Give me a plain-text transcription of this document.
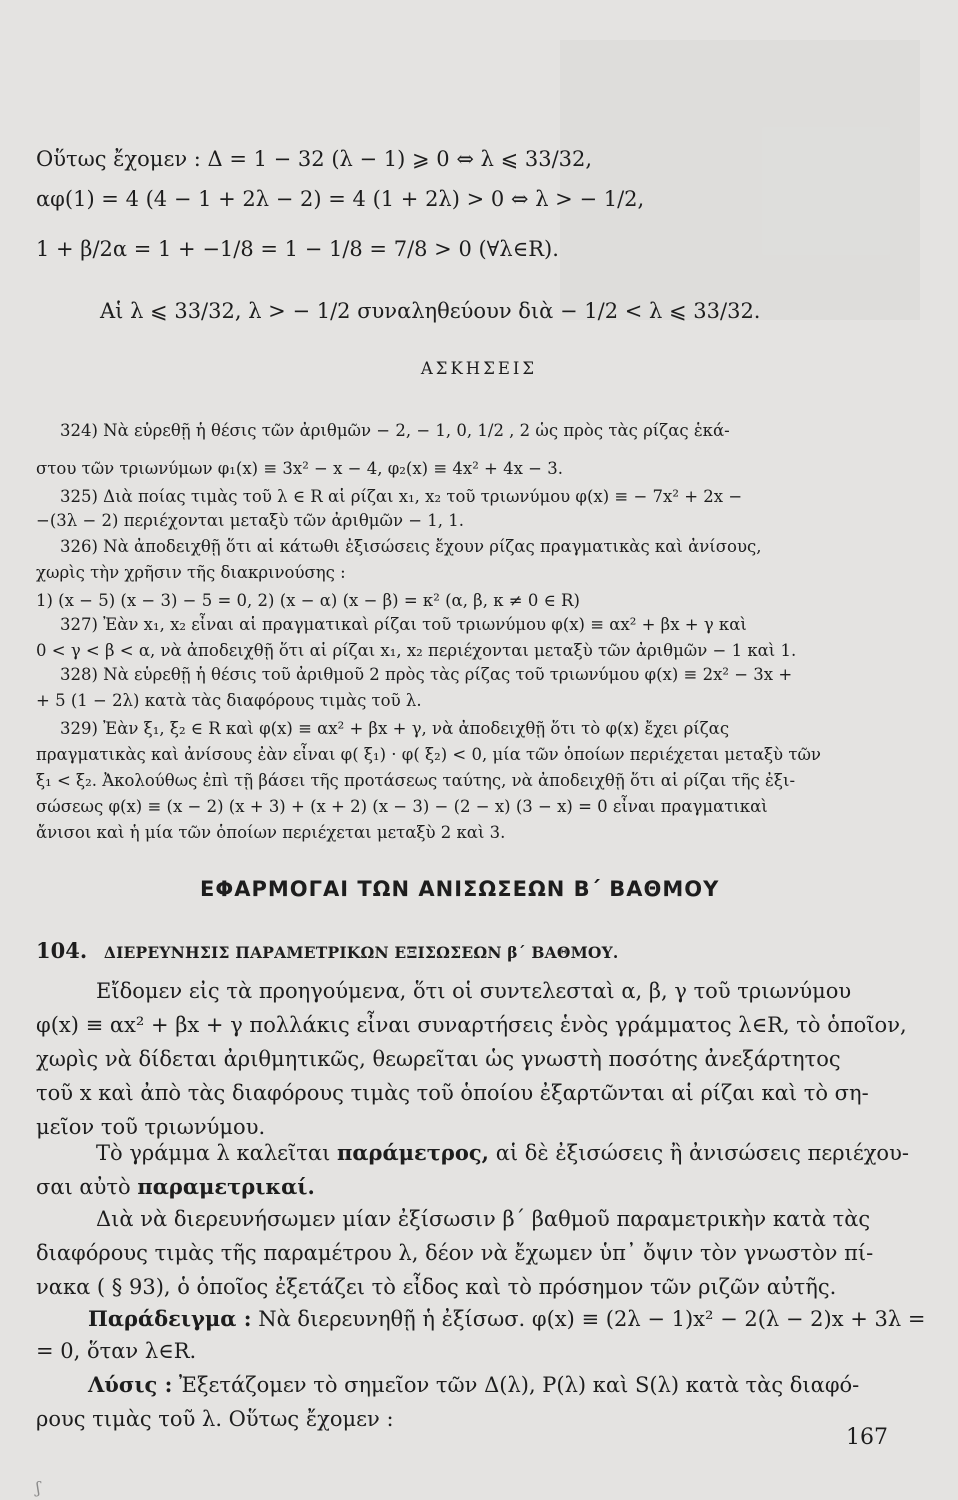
Οὕτως ἔχομεν : Δ = 1 − 32 (λ − 1) ⩾ 0 ⇔ λ ⩽ 33/32,
αφ(1) = 4 (4 − 1 + 2λ − 2) = 4 (1 + 2λ) > 0 ⇔ λ > − 1/2,
1 + β/2α = 1 + −1/8 = 1 − 1/8 = 7/8 > 0 (∀λ∈R).
Αἱ λ ⩽ 33/32, λ > − 1/2 συναληθεύουν διὰ − 1/2 < λ ⩽ 33/32.
ΑΣΚΗΣΕΙΣ
324) Νὰ εὑρεθῇ ἡ θέσις τῶν ἀριθμῶν − 2, − 1, 0, 1/2 , 2 ὡς πρὸς τὰς ρίζας ἑκά-
στου τῶν τριωνύμων φ₁(x) ≡ 3x² − x − 4, φ₂(x) ≡ 4x² + 4x − 3.
325) Διὰ ποίας τιμὰς τοῦ λ ∈ R αἱ ρίζαι x₁, x₂ τοῦ τριωνύμου φ(x) ≡ − 7x² + 2x −
−(3λ − 2) περιέχονται μεταξὺ τῶν ἀριθμῶν − 1, 1.
326) Νὰ ἀποδειχθῇ ὅτι αἱ κάτωθι ἐξισώσεις ἔχουν ρίζας πραγματικὰς καὶ ἀνίσους,
χωρὶς τὴν χρῆσιν τῆς διακρινούσης :
1) (x − 5) (x − 3) − 5 = 0, 2) (x − α) (x − β) = κ² (α, β, κ ≠ 0 ∈ R)
327) Ἐὰν x₁, x₂ εἶναι αἱ πραγματικαὶ ρίζαι τοῦ τριωνύμου φ(x) ≡ αx² + βx + γ καὶ
0 < γ < β < α, νὰ ἀποδειχθῇ ὅτι αἱ ρίζαι x₁, x₂ περιέχονται μεταξὺ τῶν ἀριθμῶν − 1 καὶ 1.
328) Νὰ εὑρεθῇ ἡ θέσις τοῦ ἀριθμοῦ 2 πρὸς τὰς ρίζας τοῦ τριωνύμου φ(x) ≡ 2x² − 3x +
+ 5 (1 − 2λ) κατὰ τὰς διαφόρους τιμὰς τοῦ λ.
329) Ἐὰν ξ₁, ξ₂ ∈ R καὶ φ(x) ≡ αx² + βx + γ, νὰ ἀποδειχθῇ ὅτι τὸ φ(x) ἔχει ρίζας
πραγματικὰς καὶ ἀνίσους ἐὰν εἶναι φ( ξ₁) · φ( ξ₂) < 0, μία τῶν ὁποίων περιέχεται μεταξὺ τῶν
ξ₁ < ξ₂. Ἀκολούθως ἐπὶ τῇ βάσει τῆς προτάσεως ταύτης, νὰ ἀποδειχθῇ ὅτι αἱ ρίζαι τῆς ἐξι-
σώσεως φ(x) ≡ (x − 2) (x + 3) + (x + 2) (x − 3) − (2 − x) (3 − x) = 0 εἶναι πραγματικαὶ
ἄνισοι καὶ ἡ μία τῶν ὁποίων περιέχεται μεταξὺ 2 καὶ 3.
ΕΦΑΡΜΟΓΑΙ ΤΩΝ ΑΝΙΣΩΣΕΩΝ Β΄ ΒΑΘΜΟΥ
104. ΔΙΕΡΕΥΝΗΣΙΣ ΠΑΡΑΜΕΤΡΙΚΩΝ ΕΞΙΣΩΣΕΩΝ β΄ ΒΑΘΜΟΥ.
Εἴδομεν εἰς τὰ προηγούμενα, ὅτι οἱ συντελεσταὶ α, β, γ τοῦ τριωνύμου
φ(x) ≡ αx² + βx + γ πολλάκις εἶναι συναρτήσεις ἑνὸς γράμματος λ∈R, τὸ ὁποῖον,
χωρὶς νὰ δίδεται ἀριθμητικῶς, θεωρεῖται ὡς γνωστὴ ποσότης ἀνεξάρτητος
τοῦ x καὶ ἀπὸ τὰς διαφόρους τιμὰς τοῦ ὁποίου ἐξαρτῶνται αἱ ρίζαι καὶ τὸ ση-
μεῖον τοῦ τριωνύμου.
Τὸ γράμμα λ καλεῖται παράμετρος, αἱ δὲ ἐξισώσεις ἢ ἀνισώσεις περιέχου-
σαι αὐτὸ παραμετρικαί.
Διὰ νὰ διερευνήσωμεν μίαν ἐξίσωσιν β΄ βαθμοῦ παραμετρικὴν κατὰ τὰς
διαφόρους τιμὰς τῆς παραμέτρου λ, δέον νὰ ἔχωμεν ὑπ᾽ ὄψιν τὸν γνωστὸν πί-
νακα ( § 93), ὁ ὁποῖος ἐξετάζει τὸ εἶδος καὶ τὸ πρόσημον τῶν ριζῶν αὐτῆς.
Παράδειγμα : Νὰ διερευνηθῇ ἡ ἐξίσωσ. φ(x) ≡ (2λ − 1)x² − 2(λ − 2)x + 3λ =
= 0, ὅταν λ∈R.
Λύσις : Ἐξετάζομεν τὸ σημεῖον τῶν Δ(λ), P(λ) καὶ S(λ) κατὰ τὰς διαφό-
ρους τιμὰς τοῦ λ. Οὕτως ἔχομεν :
167
ʃ
